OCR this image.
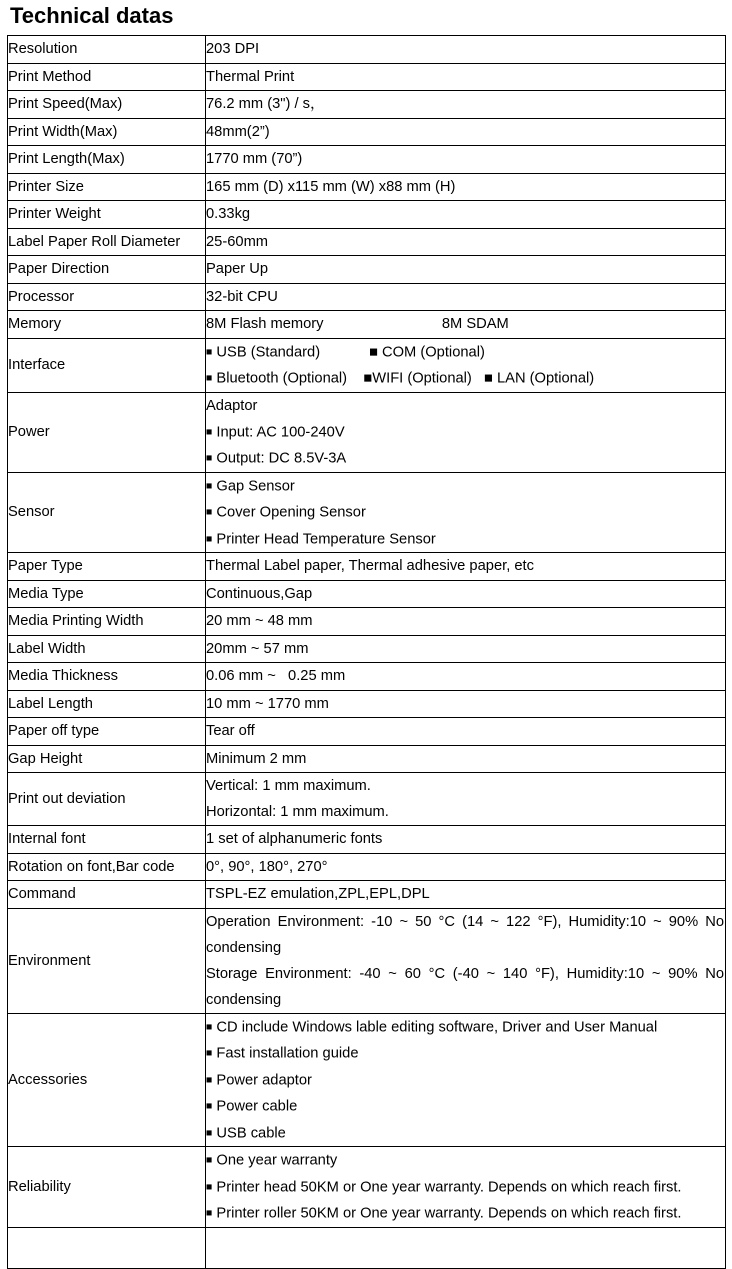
Technical datas
Resolution	203 DPI

Print Method	Thermal Print

Print Speed(Max)	76.2 mm (3") / s，

Print Width(Max)	48mm(2”)

Print Length(Max)	1770 mm (70”)

Printer Size	165 mm (D) x115 mm (W) x88 mm (H)

Printer Weight	0.33kg

Label Paper Roll Diameter	25-60mm

Paper Direction	Paper Up

Processor	32-bit CPU

Memory	8M Flash memory                             8M SDAM

Interface	■ USB (Standard)            ■ COM (Optional)
■ Bluetooth (Optional)    ■WIFI (Optional)   ■ LAN (Optional)

Power	Adaptor
■ Input: AC 100-240V
■ Output: DC 8.5V-3A

Sensor	■ Gap Sensor
■ Cover Opening Sensor
■ Printer Head Temperature Sensor

Paper Type	Thermal Label paper, Thermal adhesive paper, etc

Media Type	Continuous,Gap

Media Printing Width	20 mm ~ 48 mm

Label Width	20mm ~ 57 mm

Media Thickness	0.06 mm ~   0.25 mm

Label Length	10 mm ~ 1770 mm

Paper off type	Tear off

Gap Height	Minimum 2 mm

Print out deviation	Vertical: 1 mm maximum.
Horizontal: 1 mm maximum.

Internal font	1 set of alphanumeric fonts

Rotation on font,Bar code	0°, 90°, 180°, 270°

Command	TSPL-EZ emulation,ZPL,EPL,DPL

Environment	Operation Environment: -10 ~ 50 °C (14 ~ 122 °F), Humidity:10 ~ 90% No
condensing
Storage Environment: -40 ~ 60 °C (-40 ~ 140 °F), Humidity:10 ~ 90% No
condensing

Accessories	■ CD include Windows lable editing software, Driver and User Manual
■ Fast installation guide
■ Power adaptor
■ Power cable
■ USB cable

Reliability	■ One year warranty
■ Printer head 50KM or One year warranty. Depends on which reach first.
■ Printer roller 50KM or One year warranty. Depends on which reach first.
